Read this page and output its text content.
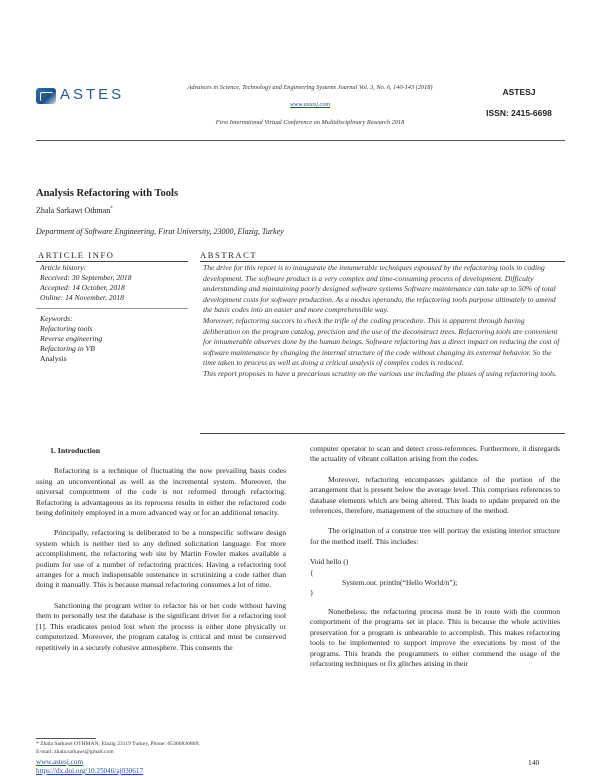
ASTES	Advances in Science, Technology and Engineering Systems Journal Vol. 3, No. 6, 140-143 (2018)
www.astesj.com
First International Virtual Conference on Multidisciplinary Research 2018
ASTESJ
ISSN: 2415-6698
Analysis Refactoring with Tools
Zhala Sarkawt Othman*
Department of Software Engineering, Firat University, 23000, Elazig, Turkey
ARTICLE INFO	ABSTRACT
Article history:
Received: 30 September, 2018
Accepted: 14 October, 2018
Online: 14 November, 2018
Keywords:
Refactoring tools
Reverse engineering
Refactoring in VB
Analysis
The drive for this report is to inaugurate the innumerable techniques espoused by the refactoring tools in coding development. The software product is a very complex and time-consuming process of development. Difficulty understanding and maintaining poorly designed software systems Software maintenance can take up to 50% of total development costs for software production. As a modus operando, the refactoring tools purpose ultimately to amend the basis codes into an easier and more comprehensible way.
Moreover, refactoring succors to check the trifle of the coding procedure. This is apparent through having deliberation on the program catalog, precision and the use of the deconstruct trees. Refactoring tools are convenient for innumerable observes done by the human beings. Software refactoring has a direct impact on reducing the cost of software maintenance by changing the internal structure of the code without changing its external behavior. So the time taken to process as well as doing a critical analysis of complex codes is reduced.
This report proposes to have a precarious scrutiny on the various use including the pluses of using refactoring tools.
1. Introduction

Refactoring is a technique of fluctuating the now prevailing basis codes using an unconventional as well as the incremental system. Moreover, the universal comportment of the code is not reformed through refactoring. Refactoring is advantageous as its reprocess results in either the refactored code being definitely employed in a more advanced way or for an additional tenacity.

Principally, refactoring is deliberated to be a nonspecific software design system which is neither tied to any defined solicitation language. For more accomplishment, the refactoring web site by Martin Fowler makes available a podium for use of a number of refactoring practices. Having a refactoring tool arranges for a much indispensable sustenance in scrutinizing a code rather than doing it manually. This is because manual refactoring consumes a lot of time.

Sanctioning the program writer to refactor his or her code without having them to personally test the database is the significant driver for a refactoring tool [1]. This eradicates period lost when the process is either done physically or computerized. Moreover, the program catalog is critical and must be conserved repetitively in a securely cohesive atmosphere. This consents the

computer operator to scan and detect cross-references. Furthermore, it disregards the actuality of vibrant collation arising from the codes.

Moreover, refactoring encompasses guidance of the portion of the arrangement that is present below the average level. This comprises references to database elements which are being altered. This leads to update prepared on the references, therefore, management of the structure of the method.

The origination of a construe tree will portray the existing interior structure for the method itself. This includes:

Void hello ()
{
System.out. println(“Hello World/n”);
}

Nonetheless, the refactoring process must be in route with the common comportment of the programs set in place. This is because the whole activities preservation for a program is unbearable to accomplish. This makes refactoring tools to be implemented to support improve the executions by most of the programs. This brands the programmers to either commend the usage of the refactoring techniques or fix glitches arising in their

* Zhala Sarkawt OTHMAN, Elazig 23119 Turkey, Phone: 05366836869;
E-mail: zhala.sarkawt@gmail.com
www.astesj.com
https://dx.doi.org/10.25046/aj030617
140
